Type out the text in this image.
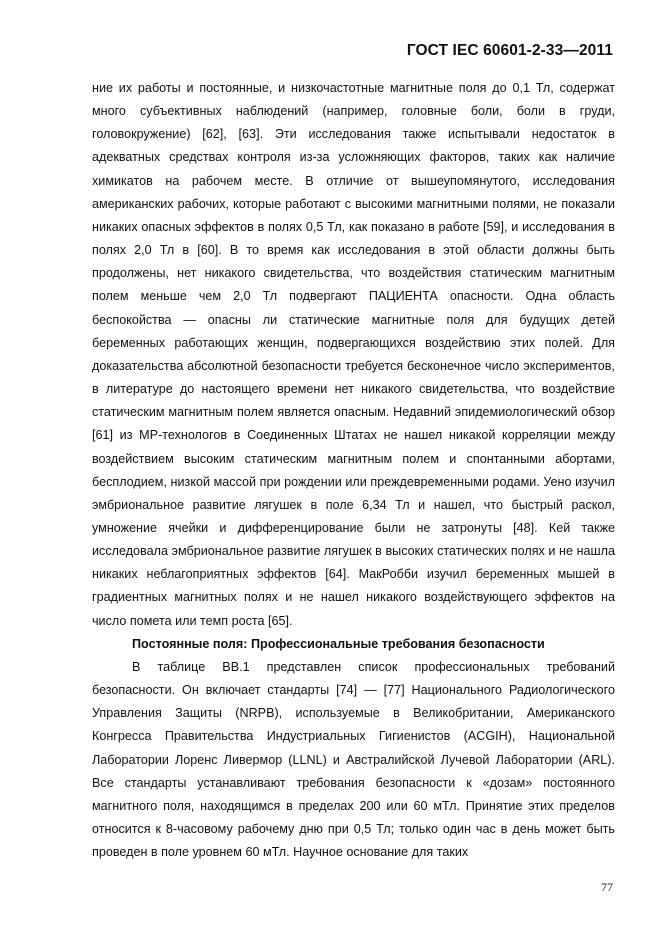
ГОСТ IEC 60601-2-33—2011

ние их работы и постоянные, и низкочастотные магнитные поля до 0,1 Тл, содержат много субъективных наблюдений (например, головные боли, боли в груди, головокружение) [62], [63]. Эти исследования также испытывали недостаток в адекватных средствах контроля из-за усложняющих факторов, таких как наличие химикатов на рабочем месте. В отличие от вышеупомянутого, исследования американских рабочих, которые работают с высокими магнитными полями, не показали никаких опасных эффектов в полях 0,5 Тл, как показано в работе [59], и исследования в полях 2,0 Тл в [60]. В то время как исследования в этой области должны быть продолжены, нет никакого свидетельства, что воздействия статическим магнитным полем меньше чем 2,0 Тл подвергают ПАЦИЕНТА опасности. Одна область беспокойства — опасны ли статические магнитные поля для будущих детей беременных работающих женщин, подвергающихся воздействию этих полей. Для доказательства абсолютной безопасности требуется бесконечное число экспериментов, в литературе до настоящего времени нет никакого свидетельства, что воздействие статическим магнитным полем является опасным. Недавний эпидемиологический обзор [61] из МР-технологов в Соединенных Штатах не нашел никакой корреляции между воздействием высоким статическим магнитным полем и спонтанными абортами, бесплодием, низкой массой при рождении или преждевременными родами. Уено изучил эмбриональное развитие лягушек в поле 6,34 Тл и нашел, что быстрый раскол, умножение ячейки и дифференцирование были не затронуты [48]. Кей также исследовала эмбриональное развитие лягушек в высоких статических полях и не нашла никаких неблагоприятных эффектов [64]. МакРобби изучил беременных мышей в градиентных магнитных полях и не нашел никакого воздействующего эффектов на число помета или темп роста [65].

Постоянные поля: Профессиональные требования безопасности

В таблице ВВ.1 представлен список профессиональных требований безопасности. Он включает стандарты [74] — [77] Национального Радиологического Управления Защиты (NRPB), используемые в Великобритании, Американского Конгресса Правительства Индустриальных Гигиенистов (ACGIH), Национальной Лаборатории Лоренс Ливермор (LLNL) и Австралийской Лучевой Лаборатории (ARL). Все стандарты устанавливают требования безопасности к «дозам» постоянного магнитного поля, находящимся в пределах 200 или 60 мТл. Принятие этих пределов относится к 8-часовому рабочему дню при 0,5 Тл; только один час в день может быть проведен в поле уровнем 60 мТл. Научное основание для таких

77
